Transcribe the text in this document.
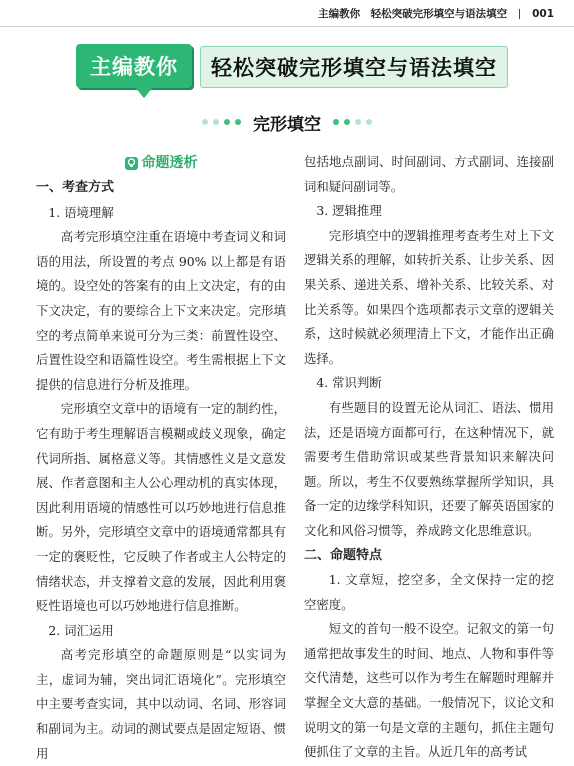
主编教你　轻松突破完形填空与语法填空 001
主编教你	轻松突破完形填空与语法填空
完形填空
命题透析
一、考查方式
1. 语境理解

高考完形填空注重在语境中考查词义和词语的用法，所设置的考点 90% 以上都是有语境的。设空处的答案有的由上文决定，有的由下文决定，有的要综合上下文来决定。完形填空的考点简单来说可分为三类：前置性设空、后置性设空和语篇性设空。考生需根据上下文提供的信息进行分析及推理。

完形填空文章中的语境有一定的制约性，它有助于考生理解语言模糊或歧义现象，确定代词所指、属格意义等。其情感性义是文意发展、作者意图和主人公心理动机的真实体现，因此利用语境的情感性可以巧妙地进行信息推断。另外，完形填空文章中的语境通常都具有一定的褒贬性，它反映了作者或主人公特定的情绪状态，并支撑着文意的发展，因此利用褒贬性语境也可以巧妙地进行信息推断。

2. 词汇运用

高考完形填空的命题原则是“以实词为主，虚词为辅，突出词汇语境化”。完形填空中主要考查实词，其中以动词、名词、形容词和副词为主。动词的测试要点是固定短语、惯用

包括地点副词、时间副词、方式副词、连接副词和疑问副词等。

3. 逻辑推理

完形填空中的逻辑推理考查考生对上下文逻辑关系的理解，如转折关系、让步关系、因果关系、递进关系、增补关系、比较关系、对比关系等。如果四个选项都表示文章的逻辑关系，这时候就必须理清上下文，才能作出正确选择。

4. 常识判断

有些题目的设置无论从词汇、语法、惯用法，还是语境方面都可行，在这种情况下，就需要考生借助常识或某些背景知识来解决问题。所以，考生不仅要熟练掌握所学知识，具备一定的边缘学科知识，还要了解英语国家的文化和风俗习惯等，养成跨文化思维意识。

二、命题特点

1. 文章短，挖空多，全文保持一定的挖空密度。

短文的首句一般不设空。记叙文的第一句通常把故事发生的时间、地点、人物和事件等交代清楚，这些可以作为考生在解题时理解并掌握全文大意的基础。一般情况下，议论文和说明文的第一句是文章的主题句，抓住主题句便抓住了文章的主旨。从近几年的高考试
